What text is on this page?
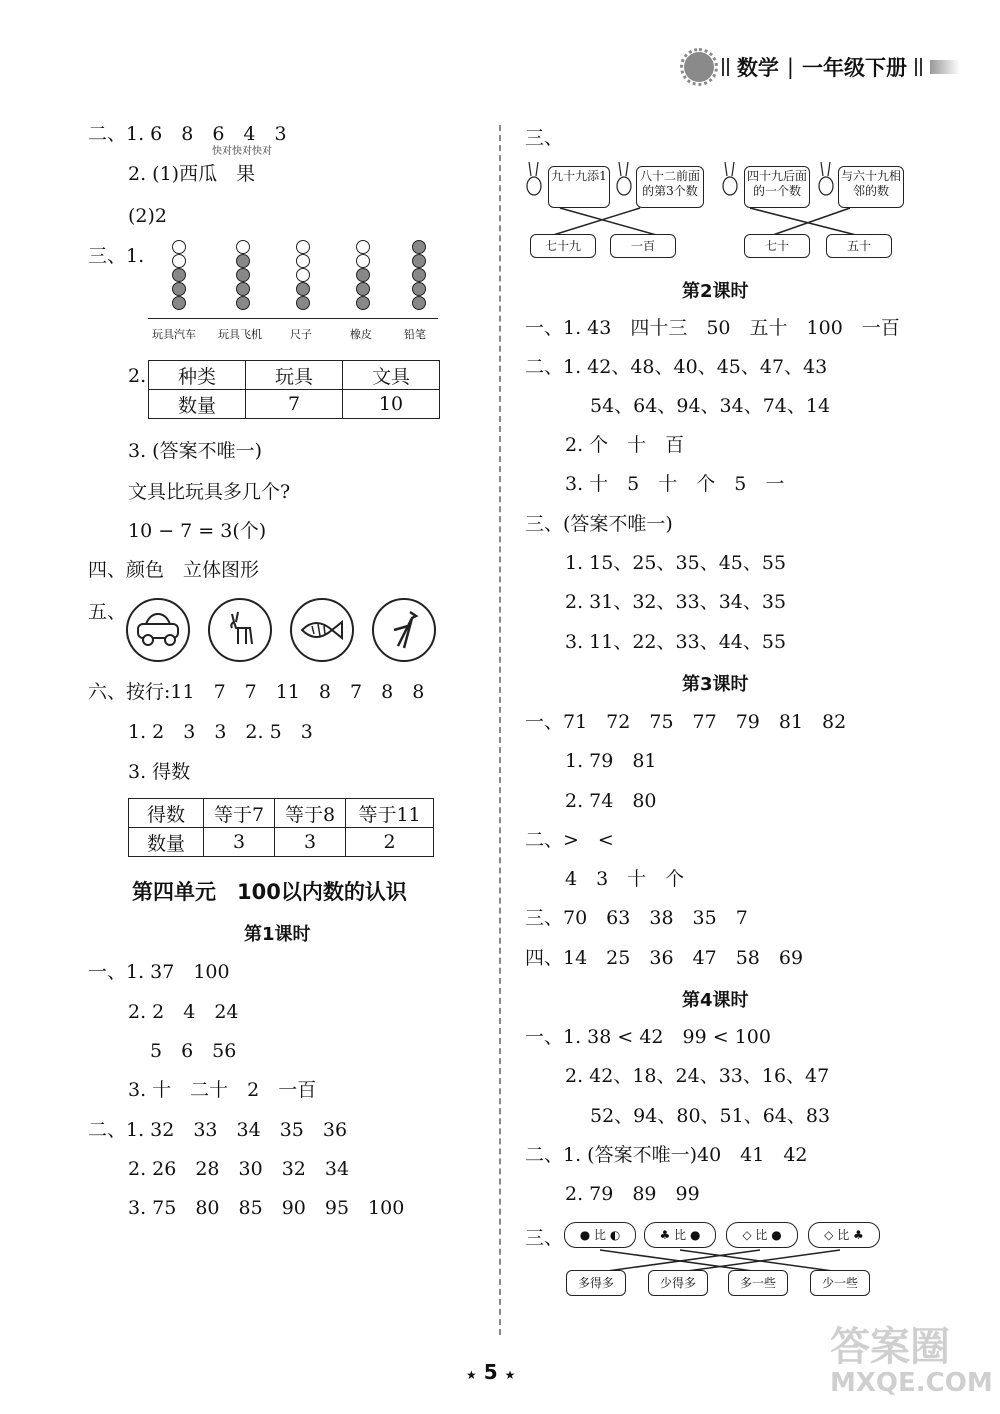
数学 | 一年级下册
二、1. 6　8　6　4　3
快对快对快对
2. (1)西瓜　果
(2)2
三、1.
玩具汽车 玩具飞机	尺子	橡皮	铅笔
2. 种类	玩具	文具
数量	7	10
3. (答案不唯一)
文具比玩具多几个?
10 − 7 = 3(个)
四、颜色　立体图形
五、
六、按行:11　7　7　11　8　7　8　8
1. 2　3　3　2. 5　3
3. 得数
得数	等于7	等于8	等于11
数量	3	3	2
第四单元　100以内数的认识
第1课时
一、1. 37　100
2. 2　4　24
5　6　56
3. 十　二十　2　一百
二、1. 32　33　34　35　36
2. 26　28　30　32　34
3. 75　80　85　90　95　100
三、
九十九添1	八十二前面的第3个数
四十九后面的一个数
与六十九相邻的数
七十九	一百	七十	五十
第2课时
一、1. 43　四十三　50　五十　100　一百
二、1. 42、48、40、45、47、43
54、64、94、34、74、14
2. 个　十　百
3. 十　5　十　个　5　一
三、(答案不唯一)
1. 15、25、35、45、55
2. 31、32、33、34、35
3. 11、22、33、44、55
第3课时
一、71　72　75　77　79　81　82
1. 79　81
2. 74　80
二、>　<
4　3　十　个
三、70　63　38　35　7
四、14　25　36　47　58　69
第4课时
一、1. 38 < 42　99 < 100
2. 42、18、24、33、16、47
52、94、80、51、64、83
二、1. (答案不唯一)40　41　42
2. 79　89　99
三、	● 比 ◐	♣ 比 ●	◇ 比 ●	◇ 比 ♣
多得多	少得多	多一些	少一些
★ 5 ★
答案圈
MXQE.COM
